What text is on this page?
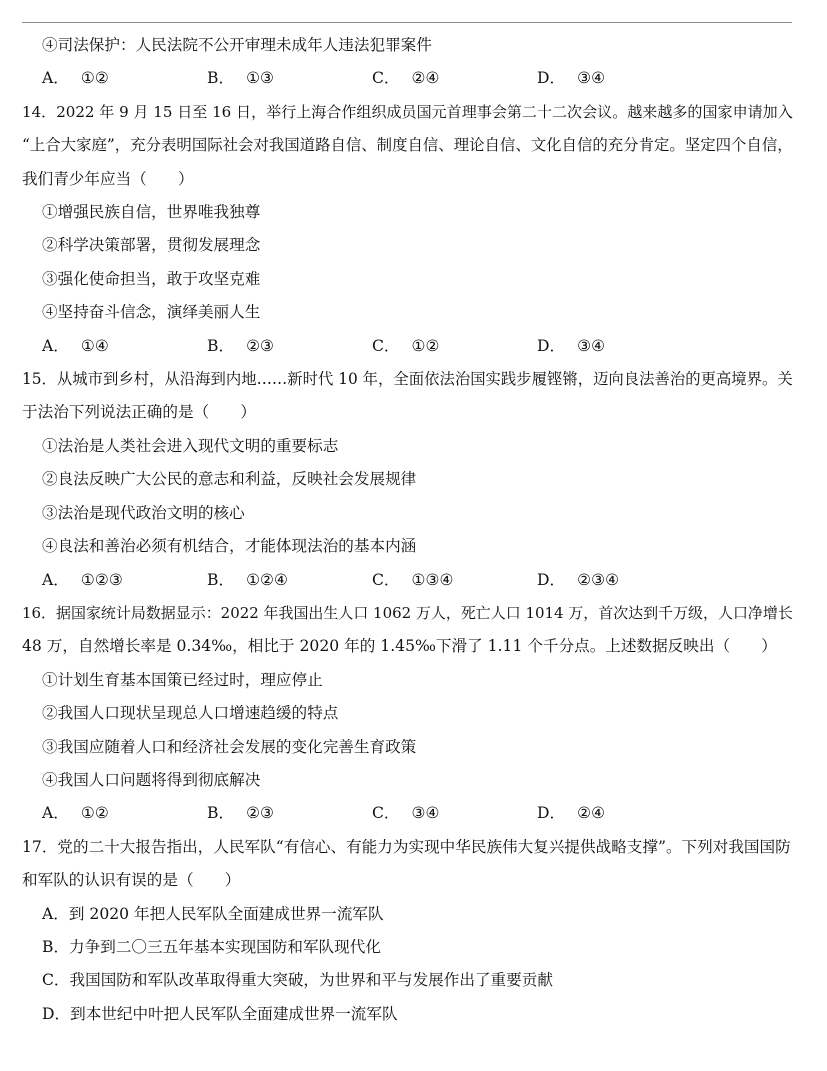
④司法保护：人民法院不公开审理未成年人违法犯罪案件
A． ①②	B． ①③	C． ②④	D． ③④
14．2022 年 9 月 15 日至 16 日，举行上海合作组织成员国元首理事会第二十二次会议。越来越多的国家申请加入
“上合大家庭”，充分表明国际社会对我国道路自信、制度自信、理论自信、文化自信的充分肯定。坚定四个自信，
我们青少年应当（　　）
①增强民族自信，世界唯我独尊
②科学决策部署，贯彻发展理念
③强化使命担当，敢于攻坚克难
④坚持奋斗信念，演绎美丽人生
A． ①④	B． ②③	C． ①②	D． ③④
15．从城市到乡村，从沿海到内地……新时代 10 年，全面依法治国实践步履铿锵，迈向良法善治的更高境界。关
于法治下列说法正确的是（　　）
①法治是人类社会进入现代文明的重要标志
②良法反映广大公民的意志和利益，反映社会发展规律
③法治是现代政治文明的核心
④良法和善治必须有机结合，才能体现法治的基本内涵
A． ①②③	B． ①②④	C． ①③④	D． ②③④
16．据国家统计局数据显示：2022 年我国出生人口 1062 万人，死亡人口 1014 万，首次达到千万级，人口净增长
48 万，自然增长率是 0.34‰，相比于 2020 年的 1.45‰下滑了 1.11 个千分点。上述数据反映出（　　）
①计划生育基本国策已经过时，理应停止
②我国人口现状呈现总人口增速趋缓的特点
③我国应随着人口和经济社会发展的变化完善生育政策
④我国人口问题将得到彻底解决
A． ①②	B． ②③	C． ③④	D． ②④
17．党的二十大报告指出，人民军队“有信心、有能力为实现中华民族伟大复兴提供战略支撑”。下列对我国国防
和军队的认识有误的是（　　）
A．到 2020 年把人民军队全面建成世界一流军队
B．力争到二〇三五年基本实现国防和军队现代化
C．我国国防和军队改革取得重大突破，为世界和平与发展作出了重要贡献
D．到本世纪中叶把人民军队全面建成世界一流军队
